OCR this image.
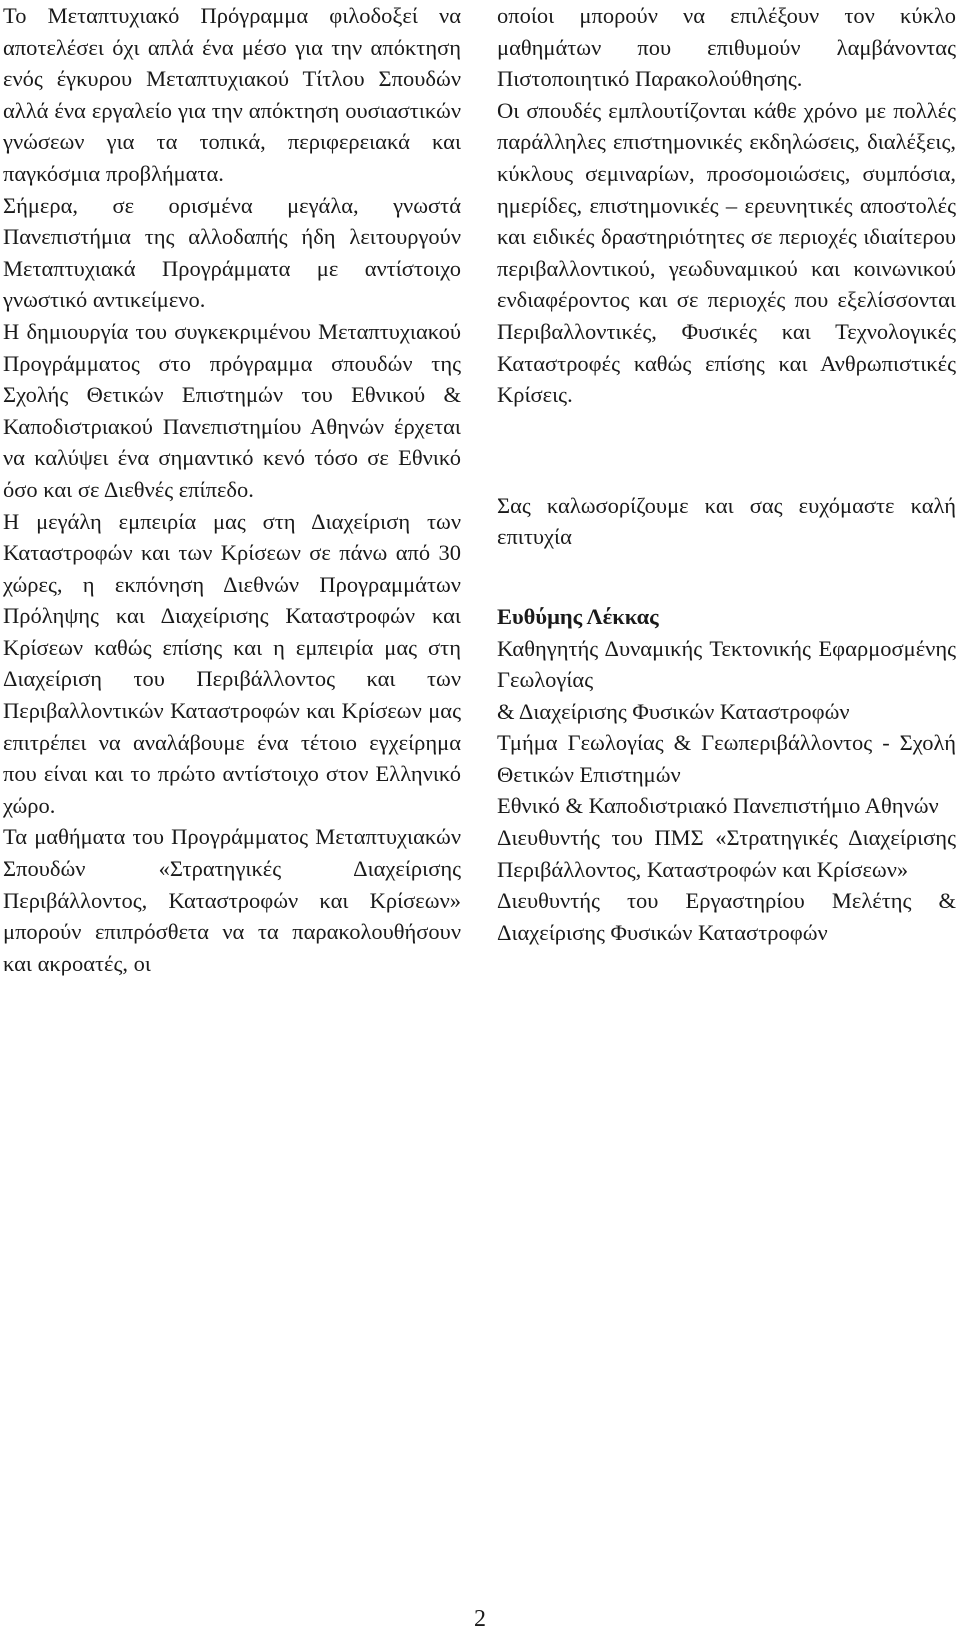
Το Μεταπτυχιακό Πρόγραμμα φιλοδοξεί να αποτελέσει όχι απλά ένα μέσο για την απόκτηση ενός έγκυρου Μεταπτυχιακού Τίτλου Σπουδών αλλά ένα εργαλείο για την απόκτηση ουσιαστικών γνώσεων για τα τοπικά, περιφερειακά και παγκόσμια προβλήματα.

Σήμερα, σε ορισμένα μεγάλα, γνωστά Πανεπιστήμια της αλλοδαπής ήδη λειτουργούν Μεταπτυχιακά Προγράμματα με αντίστοιχο γνωστικό αντικείμενο.

Η δημιουργία του συγκεκριμένου Μεταπτυχιακού Προγράμματος στο πρόγραμμα σπουδών της Σχολής Θετικών Επιστημών του Εθνικού & Καποδιστριακού Πανεπιστημίου Αθηνών έρχεται να καλύψει ένα σημαντικό κενό τόσο σε Εθνικό όσο και σε Διεθνές επίπεδο.

Η μεγάλη εμπειρία μας στη Διαχείριση των Καταστροφών και των Κρίσεων σε πάνω από 30 χώρες, η εκπόνηση Διεθνών Προγραμμάτων Πρόληψης και Διαχείρισης Καταστροφών και Κρίσεων καθώς επίσης και η εμπειρία μας στη Διαχείριση του Περιβάλλοντος και των Περιβαλλοντικών Καταστροφών και Κρίσεων μας επιτρέπει να αναλάβουμε ένα τέτοιο εγχείρημα που είναι και το πρώτο αντίστοιχο στον Ελληνικό χώρο.

Τα μαθήματα του Προγράμματος Μεταπτυχιακών Σπουδών «Στρατηγικές Διαχείρισης Περιβάλλοντος, Καταστροφών και Κρίσεων» μπορούν επιπρόσθετα να τα παρακολουθήσουν και ακροατές, οι

οποίοι μπορούν να επιλέξουν τον κύκλο μαθημάτων που επιθυμούν λαμβάνοντας Πιστοποιητικό Παρακολούθησης.

Οι σπουδές εμπλουτίζονται κάθε χρόνο με πολλές παράλληλες επιστημονικές εκδηλώσεις, διαλέξεις, κύκλους σεμιναρίων, προσομοιώσεις, συμπόσια, ημερίδες, επιστημονικές – ερευνητικές αποστολές και ειδικές δραστηριότητες σε περιοχές ιδιαίτερου περιβαλλοντικού, γεωδυναμικού και κοινωνικού ενδιαφέροντος και σε περιοχές που εξελίσσονται Περιβαλλοντικές, Φυσικές και Τεχνολογικές Καταστροφές καθώς επίσης και Ανθρωπιστικές Κρίσεις.

Σας καλωσορίζουμε και σας ευχόμαστε καλή επιτυχία

Ευθύμης Λέκκας

Καθηγητής Δυναμικής Τεκτονικής Εφαρμοσμένης Γεωλογίας

& Διαχείρισης Φυσικών Καταστροφών

Τμήμα Γεωλογίας & Γεωπεριβάλλοντος - Σχολή Θετικών Επιστημών

Εθνικό & Καποδιστριακό Πανεπιστήμιο Αθηνών

Διευθυντής του ΠΜΣ «Στρατηγικές Διαχείρισης Περιβάλλοντος, Καταστροφών και Κρίσεων»

Διευθυντής του Εργαστηρίου Μελέτης & Διαχείρισης Φυσικών Καταστροφών

2
